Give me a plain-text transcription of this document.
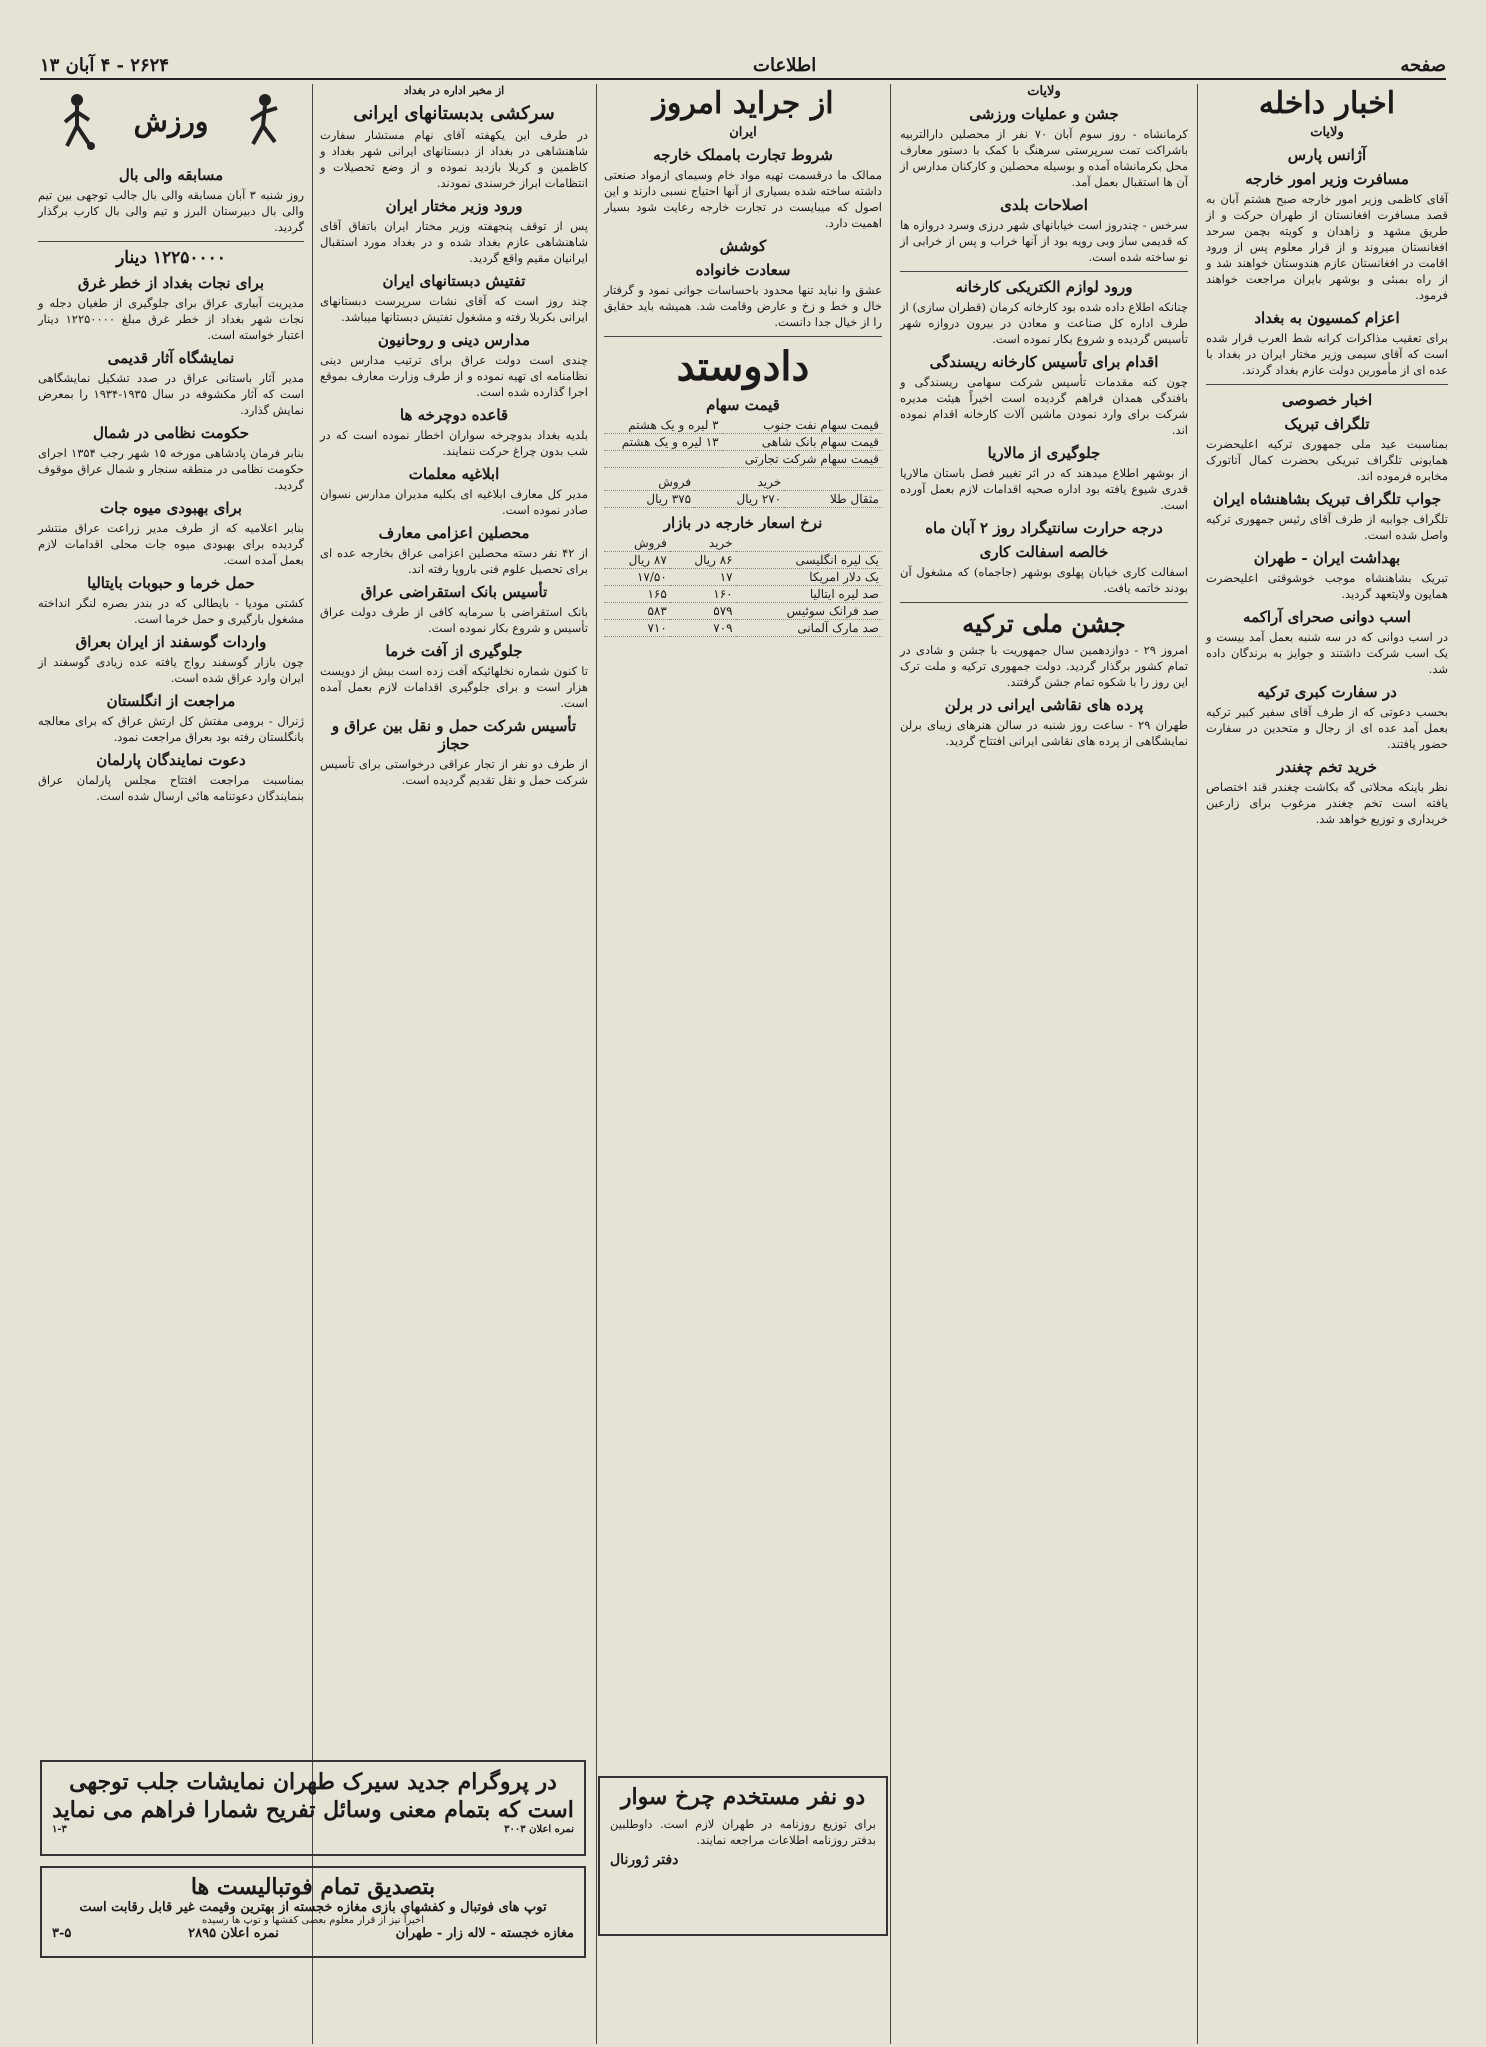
صفحه
اطلاعات
۲۶۲۴ - ۴ آبان ۱۳
اخبار داخله
ولایات
آژانس پارس
مسافرت وزیر امور خارجه

آقای کاظمی وزیر امور خارجه صبح هشتم آبان به قصد مسافرت افغانستان از طهران حرکت و از طریق مشهد و زاهدان و کویته بچمن سرحد افغانستان میروند و از قرار معلوم پس از ورود اقامت در افغانستان عازم هندوستان خواهند شد و از راه بمبئی و بوشهر بایران مراجعت خواهند فرمود.

اعزام کمسیون به بغداد

برای تعقیب مذاکرات کرانه شط العرب قرار شده است که آقای سیمی وزیر مختار ایران در بغداد با عده ای از مأمورین دولت عازم بغداد گردند.

اخبار خصوصی
تلگراف تبریک

بمناسبت عید ملی جمهوری ترکیه اعلیحضرت همایونی تلگراف تبریکی بحضرت کمال آتاتورک مخابره فرموده اند.

جواب تلگراف تبریک بشاهنشاه ایران

تلگراف جوابیه از طرف آقای رئیس جمهوری ترکیه واصل شده است.

بهداشت ایران - طهران

تبریک بشاهنشاه موجب خوشوقتی اعلیحضرت همایون ولایتعهد گردید.

اسب دوانی صحرای آراکمه

در اسب دوانی که در سه شنبه بعمل آمد بیست و یک اسب شرکت داشتند و جوایز به برندگان داده شد.

در سفارت کبری ترکیه

بحسب دعوتی که از طرف آقای سفیر کبیر ترکیه بعمل آمد عده ای از رجال و متحدین در سفارت حضور یافتند.

خرید تخم چغندر

نظر باینکه محلاتی گه بکاشت چغندر قند اختصاص یافته است تخم چغندر مرغوب برای زارعین خریداری و توزیع خواهد شد.

ولایات
جشن و عملیات ورزشی

کرمانشاه - روز سوم آبان ۷۰ نفر از محصلین دارالتربیه باشراکت تمت سرپرستی سرهنگ با کمک با دستور معارف محل بکرمانشاه آمده و بوسیله محصلین و کارکنان مدارس از آن ها استقبال بعمل آمد.

اصلاحات بلدی

سرخس - چندروز است خیابانهای شهر درزی وسرد دروازه ها که قدیمی ساز وبی رویه بود از آنها خراب و پس از خرابی از نو ساخته شده است.

ورود لوازم الکتریکی کارخانه

چنانکه اطلاع داده شده بود کارخانه کرمان (قطران سازی) از طرف اداره کل صناعت و معادن در بیرون دروازه شهر تأسیس گردیده و شروع بکار نموده است.

اقدام برای تأسیس کارخانه ریسندگی

چون کنه مقدمات تأسیس شرکت سهامی ریسندگی و بافندگی همدان فراهم گردیده است اخیراً هیئت مدیره شرکت برای وارد نمودن ماشین آلات کارخانه اقدام نموده اند.

جلوگیری از مالاریا

از بوشهر اطلاع میدهند که در اثر تغییر فصل باستان مالاریا قدری شیوع یافته بود اداره صحیه اقدامات لازم بعمل آورده است.

درجه حرارت سانتیگراد روز ۲ آبان ماه
خالصه اسفالت کاری

اسفالت کاری خیابان پهلوی بوشهر (جاجماه) که مشغول آن بودند خاتمه یافت.

جشن ملی ترکیه

امروز ۲۹ - دوازدهمین سال جمهوریت با جشن و شادی در تمام کشور برگذار گردید. دولت جمهوری ترکیه و ملت ترک این روز را با شکوه تمام جشن گرفتند.

پرده های نقاشی ایرانی در برلن

طهران ۲۹ - ساعت روز شنبه در سالن هنرهای زیبای برلن نمایشگاهی از پرده های نقاشی ایرانی افتتاح گردید.

از جراید امروز
ایران
شروط تجارت بامملک خارجه

ممالک ما درقسمت تهیه مواد خام وسیمای ازمواد صنعتی داشته ساخته شده بسیاری از آنها احتیاج نسبی دارند و این اصول که میبایست در تجارت خارجه رعایت شود بسیار اهمیت دارد.

کوشش
سعادت خانواده

عشق وا نباید تنها محدود باحساسات جوانی نمود و گرفتار خال و خط و زخ و عارض وقامت شد. همیشه باید حقایق را از خیال جدا دانست.

دادوستد
قیمت سهام
قیمت سهام نفت جنوب	۳ لیره و یک هشتم
قیمت سهام بانک شاهی	۱۳ لیره و یک هشتم
قیمت سهام شرکت تجارتی	
	خرید	فروش
مثقال طلا	۲۷۰ ریال	۳۷۵ ریال
نرخ اسعار خارجه در بازار
	خرید	فروش
یک لیره انگلیسی	۸۶ ریال	۸۷ ریال
یک دلار امریکا	۱۷	۱۷/۵۰
صد لیره ایتالیا	۱۶۰	۱۶۵
صد فرانک سوئیس	۵۷۹	۵۸۳
صد مارک آلمانی	۷۰۹	۷۱۰
دو نفر مستخدم چرخ سوار
برای توزیع روزنامه در طهران لازم است. داوطلبین بدفتر روزنامه اطلاعات مراجعه نمایند.
دفتر ژورنال
از مخبر اداره در بغداد
سرکشی بدبستانهای ایرانی

در طرف این یکهفته آقای نهام مستشار سفارت شاهنشاهی در بغداد از دبستانهای ایرانی شهر بغداد و کاظمین و کربلا بازدید نموده و از وضع تحصیلات و انتظامات ابراز خرسندی نمودند.

ورود وزیر مختار ایران

پس از توقف پنجهفته وزیر مختار ایران باتفاق آقای شاهنشاهی عازم بغداد شده و در بغداد مورد استقبال ایرانیان مقیم واقع گردید.

تفتیش دبستانهای ایران

چند روز است که آقای نشات سرپرست دبستانهای ایرانی بکربلا رفته و مشغول تفتیش دبستانها میباشد.

مدارس دینی و روحانیون

چندی است دولت عراق برای ترتیب مدارس دینی نظامنامه ای تهیه نموده و از طرف وزارت معارف بموقع اجرا گذارده شده است.

قاعده دوچرخه ها

بلدیه بغداد بدوچرخه سواران اخطار نموده است که در شب بدون چراغ حرکت ننمایند.

ابلاغیه معلمات

مدیر کل معارف ابلاغیه ای بکلیه مدیران مدارس نسوان صادر نموده است.

محصلین اعزامی معارف

از ۴۲ نفر دسته محصلین اعزامی عراق بخارجه عده ای برای تحصیل علوم فنی باروپا رفته اند.

تأسیس بانک استقراضی عراق

بانک استقراضی با سرمایه کافی از طرف دولت عراق تأسیس و شروع بکار نموده است.

جلوگیری از آفت خرما

تا کنون شماره نخلهائیکه آفت زده است بیش از دویست هزار است و برای جلوگیری اقدامات لازم بعمل آمده است.

تأسیس شرکت حمل و نقل بین عراق و حجاز

از طرف دو نفر از تجار عراقی درخواستی برای تأسیس شرکت حمل و نقل تقدیم گردیده است.

ورزش
مسابقه والی بال

روز شنبه ۳ آبان مسابقه والی بال جالب توجهی بین تیم والی بال دبیرستان البرز و تیم والی بال کارب برگذار گردید.

۱۲۲۵۰۰۰۰ دینار
برای نجات بغداد از خطر غرق

مدیریت آبیاری عراق برای جلوگیری از طغیان دجله و نجات شهر بغداد از خطر غرق مبلغ ۱۲۲۵۰۰۰۰ دینار اعتبار خواسته است.

نمایشگاه آثار قدیمی

مدیر آثار باستانی عراق در صدد تشکیل نمایشگاهی است که آثار مکشوفه در سال ۱۹۳۵-۱۹۳۴ را بمعرض نمایش گذارد.

حکومت نظامی در شمال

بنابر فرمان پادشاهی مورخه ۱۵ شهر رجب ۱۳۵۴ اجرای حکومت نظامی در منطقه سنجار و شمال عراق موقوف گردید.

برای بهبودی میوه جات

بنابر اعلامیه که از طرف مدیر زراعت عراق منتشر گردیده برای بهبودی میوه جات محلی اقدامات لازم بعمل آمده است.

حمل خرما و حبوبات بایتالیا

کشتی مودیا - بایطالی که در بندر بصره لنگر انداخته مشغول بارگیری و حمل خرما است.

واردات گوسفند از ایران بعراق

چون بازار گوسفند رواج یافته عده زیادی گوسفند از ایران وارد عراق شده است.

مراجعت از انگلستان

ژنرال - برومی مفتش کل ارتش عراق که برای معالجه بانگلستان رفته بود بعراق مراجعت نمود.

دعوت نمایندگان پارلمان

بمناسبت مراجعت افتتاح مجلس پارلمان عراق بنمایندگان دعوتنامه هائی ارسال شده است.

در پروگرام جدید سیرک طهران نمایشات جلب توجهی است که بتمام معنی وسائل تفریح شمارا فراهم می نماید
نمره اعلان ۳۰۰۳
۱-۳
بتصدیق تمام فوتبالیست ها
توپ های فوتبال و کفشهای بازی مغازه خجسته از بهترین وقیمت غیر قابل رقابت است
اخیراً نیز از قرار معلوم بعضی کفشها و توپ ها رسیده
مغازه خجسته - لاله زار - طهران
نمره اعلان ۲۸۹۵
۳-۵
